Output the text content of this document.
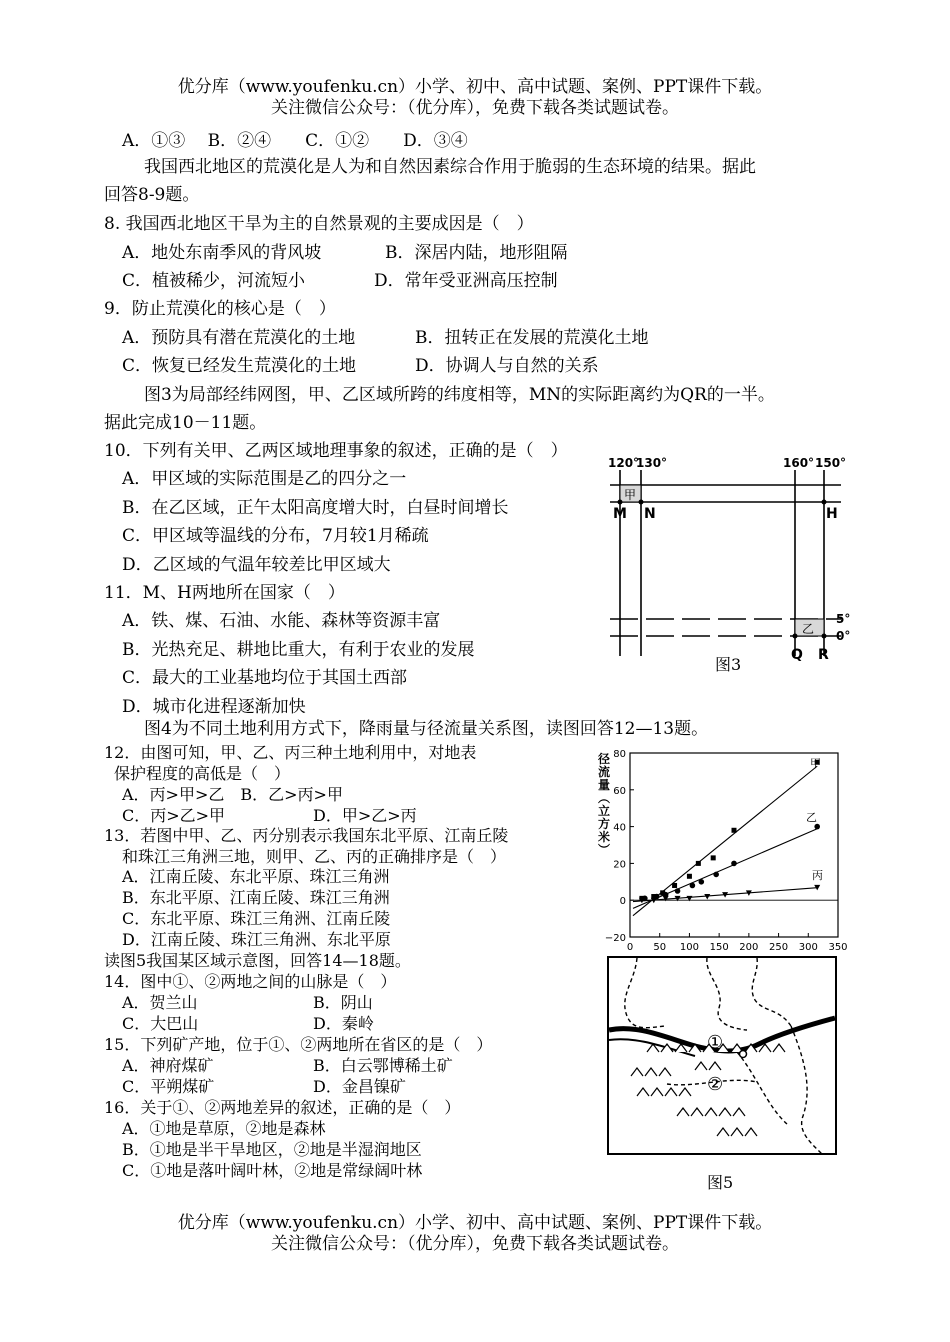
优分库（www.youfenku.cn）小学、初中、高中试题、案例、PPT课件下载。
关注微信公众号：（优分库），免费下载各类试题试卷。
A．①③　 B．②④　　C．①②　　D．③④
我国西北地区的荒漠化是人为和自然因素综合作用于脆弱的生态环境的结果。据此
回答8-9题。
8. 我国西北地区干旱为主的自然景观的主要成因是（　）
A．地处东南季风的背风坡	B．深居内陆，地形阻隔
C．植被稀少，河流短小	D．常年受亚洲高压控制
9．防止荒漠化的核心是（　）
A．预防具有潜在荒漠化的土地	B．扭转正在发展的荒漠化土地
C．恢复已经发生荒漠化的土地	D．协调人与自然的关系
图3为局部经纬网图，甲、乙区域所跨的纬度相等，MN的实际距离约为QR的一半。
据此完成10－11题。
10．下列有关甲、乙两区域地理事象的叙述，正确的是（　）
A．甲区域的实际范围是乙的四分之一
B．在乙区域，正午太阳高度增大时，白昼时间增长
C．甲区域等温线的分布，7月较1月稀疏
D．乙区域的气温年较差比甲区域大
11．M、H两地所在国家（　）
A．铁、煤、石油、水能、森林等资源丰富
B．光热充足、耕地比重大，有利于农业的发展
C．最大的工业基地均位于其国土西部
D．城市化进程逐渐加快
图4为不同土地利用方式下，降雨量与径流量关系图，读图回答12—13题。
12．由图可知，甲、乙、丙三种土地利用中，对地表
保护程度的高低是（　）
A．丙>甲>乙　B．乙>丙>甲
C．丙>乙>甲	D．甲>乙>丙
13．若图中甲、乙、丙分别表示我国东北平原、江南丘陵
和珠江三角洲三地，则甲、乙、丙的正确排序是（　）
A．江南丘陵、东北平原、珠江三角洲
B．东北平原、江南丘陵、珠江三角洲
C．东北平原、珠江三角洲、江南丘陵
D．江南丘陵、珠江三角洲、东北平原
读图5我国某区域示意图，回答14—18题。
14．图中①、②两地之间的山脉是（　）
A．贺兰山	B．阴山
C．大巴山	D．秦岭
15．下列矿产地，位于①、②两地所在省区的是（　）
A．神府煤矿	B．白云鄂博稀土矿
C．平朔煤矿	D．金昌镍矿
16．关于①、②两地差异的叙述，正确的是（　）
A．①地是草原，②地是森林
B．①地是半干旱地区，②地是半湿润地区
C．①地是落叶阔叶林，②地是常绿阔叶林
120°
130°	160° 150°
甲
乙
M N	H
Q R
5°
0°
图3
80
60
40
20
0
−20
0 50 100 150 200 250 300 350
甲
乙
丙
径
流
量
︵
立
方
米
︶
①
②
图5
优分库（www.youfenku.cn）小学、初中、高中试题、案例、PPT课件下载。
关注微信公众号：（优分库），免费下载各类试题试卷。
